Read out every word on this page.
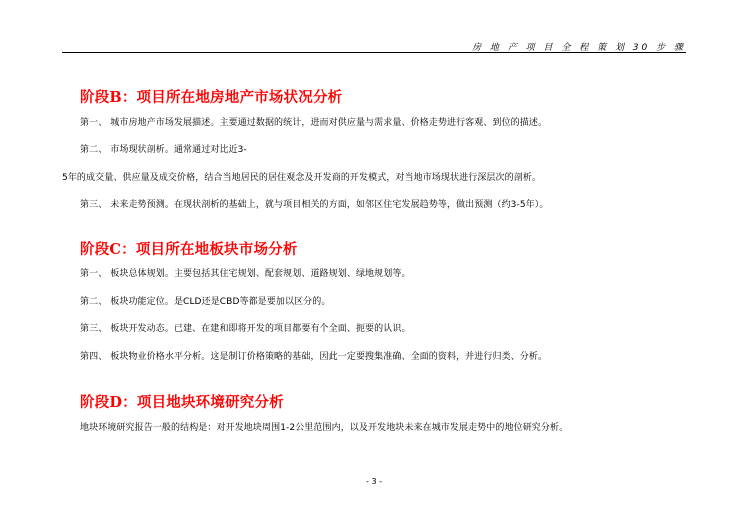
房 地 产 项 目 全 程 策 划 30 步 骤
阶段B：项目所在地房地产市场状况分析
第一、 城市房地产市场发展描述。主要通过数据的统计，进而对供应量与需求量、价格走势进行客观、到位的描述。
第二、 市场现状剖析。通常通过对比近3-
5年的成交量、供应量及成交价格，结合当地居民的居住观念及开发商的开发模式，对当地市场现状进行深层次的剖析。
第三、 未来走势预测。在现状剖析的基础上，就与项目相关的方面，如邻区住宅发展趋势等，做出预测（约3-5年）。
阶段C：项目所在地板块市场分析
第一、 板块总体规划。主要包括其住宅规划、配套规划、道路规划、绿地规划等。
第二、 板块功能定位。是CLD还是CBD等都是要加以区分的。
第三、 板块开发动态。已建、在建和即将开发的项目都要有个全面、扼要的认识。
第四、 板块物业价格水平分析。这是制订价格策略的基础，因此一定要搜集准确、全面的资料，并进行归类、分析。
阶段D：项目地块环境研究分析
地块环境研究报告一般的结构是：对开发地块周围1-2公里范围内，以及开发地块未来在城市发展走势中的地位研究分析。
- 3 -
